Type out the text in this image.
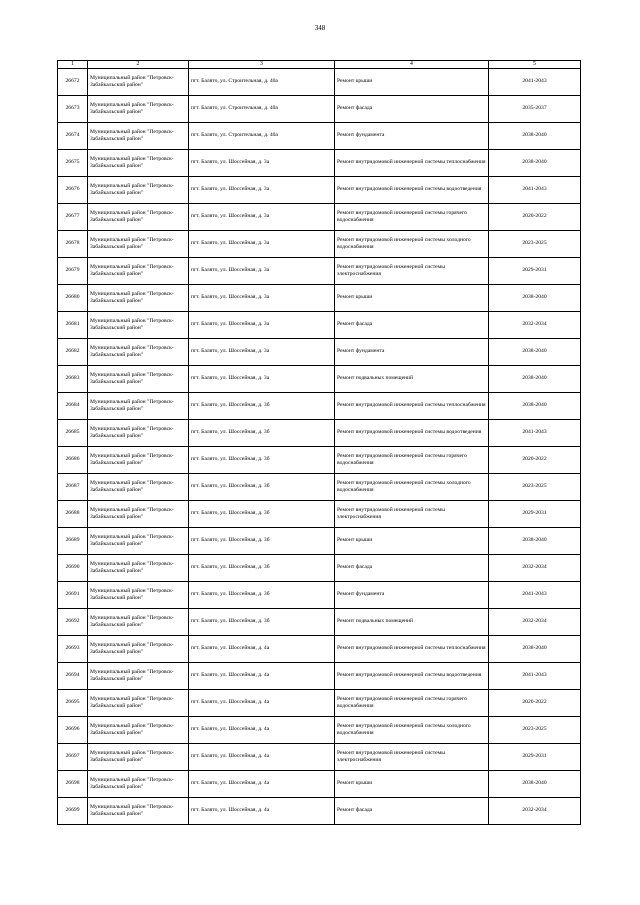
348
1	2	3	4	5
26672	Муниципальный район "Петровск-Забайкальский район"	пгт. Балято, ул. Строительная, д. 40а	Ремонт крыши	2041-2043
26673	Муниципальный район "Петровск-Забайкальский район"	пгт. Балято, ул. Строительная, д. 40а	Ремонт фасада	2035-2037
26674	Муниципальный район "Петровск-Забайкальский район"	пгт. Балято, ул. Строительная, д. 40а	Ремонт фундамента	2038-2040
26675	Муниципальный район "Петровск-Забайкальский район"	пгт. Балято, ул. Шоссейная, д. 3а	Ремонт внутридомовой инженерной системы теплоснабжения	2038-2040
26676	Муниципальный район "Петровск-Забайкальский район"	пгт. Балято, ул. Шоссейная, д. 3а	Ремонт внутридомовой инженерной системы водоотведения	2041-2043
26677	Муниципальный район "Петровск-Забайкальский район"	пгт. Балято, ул. Шоссейная, д. 3а	Ремонт внутридомовой инженерной системы горячего водоснабжения	2020-2022
26678	Муниципальный район "Петровск-Забайкальский район"	пгт. Балято, ул. Шоссейная, д. 3а	Ремонт внутридомовой инженерной системы холодного водоснабжения	2023-2025
26679	Муниципальный район "Петровск-Забайкальский район"	пгт. Балято, ул. Шоссейная, д. 3а	Ремонт внутридомовой инженерной системы электроснабжения	2029-2031
26680	Муниципальный район "Петровск-Забайкальский район"	пгт. Балято, ул. Шоссейная, д. 3а	Ремонт крыши	2038-2040
26681	Муниципальный район "Петровск-Забайкальский район"	пгт. Балято, ул. Шоссейная, д. 3а	Ремонт фасада	2032-2034
26682	Муниципальный район "Петровск-Забайкальский район"	пгт. Балято, ул. Шоссейная, д. 3а	Ремонт фундамента	2038-2040
26683	Муниципальный район "Петровск-Забайкальский район"	пгт. Балято, ул. Шоссейная, д. 3а	Ремонт подвальных помещений	2038-2040
26684	Муниципальный район "Петровск-Забайкальский район"	пгт. Балято, ул. Шоссейная, д. 3б	Ремонт внутридомовой инженерной системы теплоснабжения	2038-2040
26685	Муниципальный район "Петровск-Забайкальский район"	пгт. Балято, ул. Шоссейная, д. 3б	Ремонт внутридомовой инженерной системы водоотведения	2041-2043
26686	Муниципальный район "Петровск-Забайкальский район"	пгт. Балято, ул. Шоссейная, д. 3б	Ремонт внутридомовой инженерной системы горячего водоснабжения	2020-2022
26687	Муниципальный район "Петровск-Забайкальский район"	пгт. Балято, ул. Шоссейная, д. 3б	Ремонт внутридомовой инженерной системы холодного водоснабжения	2023-2025
26688	Муниципальный район "Петровск-Забайкальский район"	пгт. Балято, ул. Шоссейная, д. 3б	Ремонт внутридомовой инженерной системы электроснабжения	2029-2031
26689	Муниципальный район "Петровск-Забайкальский район"	пгт. Балято, ул. Шоссейная, д. 3б	Ремонт крыши	2038-2040
26690	Муниципальный район "Петровск-Забайкальский район"	пгт. Балято, ул. Шоссейная, д. 3б	Ремонт фасада	2032-2034
26691	Муниципальный район "Петровск-Забайкальский район"	пгт. Балято, ул. Шоссейная, д. 3б	Ремонт фундамента	2041-2043
26692	Муниципальный район "Петровск-Забайкальский район"	пгт. Балято, ул. Шоссейная, д. 3б	Ремонт подвальных помещений	2032-2034
26693	Муниципальный район "Петровск-Забайкальский район"	пгт. Балято, ул. Шоссейная, д. 4а	Ремонт внутридомовой инженерной системы теплоснабжения	2038-2040
26694	Муниципальный район "Петровск-Забайкальский район"	пгт. Балято, ул. Шоссейная, д. 4а	Ремонт внутридомовой инженерной системы водоотведения	2041-2043
26695	Муниципальный район "Петровск-Забайкальский район"	пгт. Балято, ул. Шоссейная, д. 4а	Ремонт внутридомовой инженерной системы горячего водоснабжения	2020-2022
26696	Муниципальный район "Петровск-Забайкальский район"	пгт. Балято, ул. Шоссейная, д. 4а	Ремонт внутридомовой инженерной системы холодного водоснабжения	2023-2025
26697	Муниципальный район "Петровск-Забайкальский район"	пгт. Балято, ул. Шоссейная, д. 4а	Ремонт внутридомовой инженерной системы электроснабжения	2029-2031
26698	Муниципальный район "Петровск-Забайкальский район"	пгт. Балято, ул. Шоссейная, д. 4а	Ремонт крыши	2038-2040
26699	Муниципальный район "Петровск-Забайкальский район"	пгт. Балято, ул. Шоссейная, д. 4а	Ремонт фасада	2032-2034
